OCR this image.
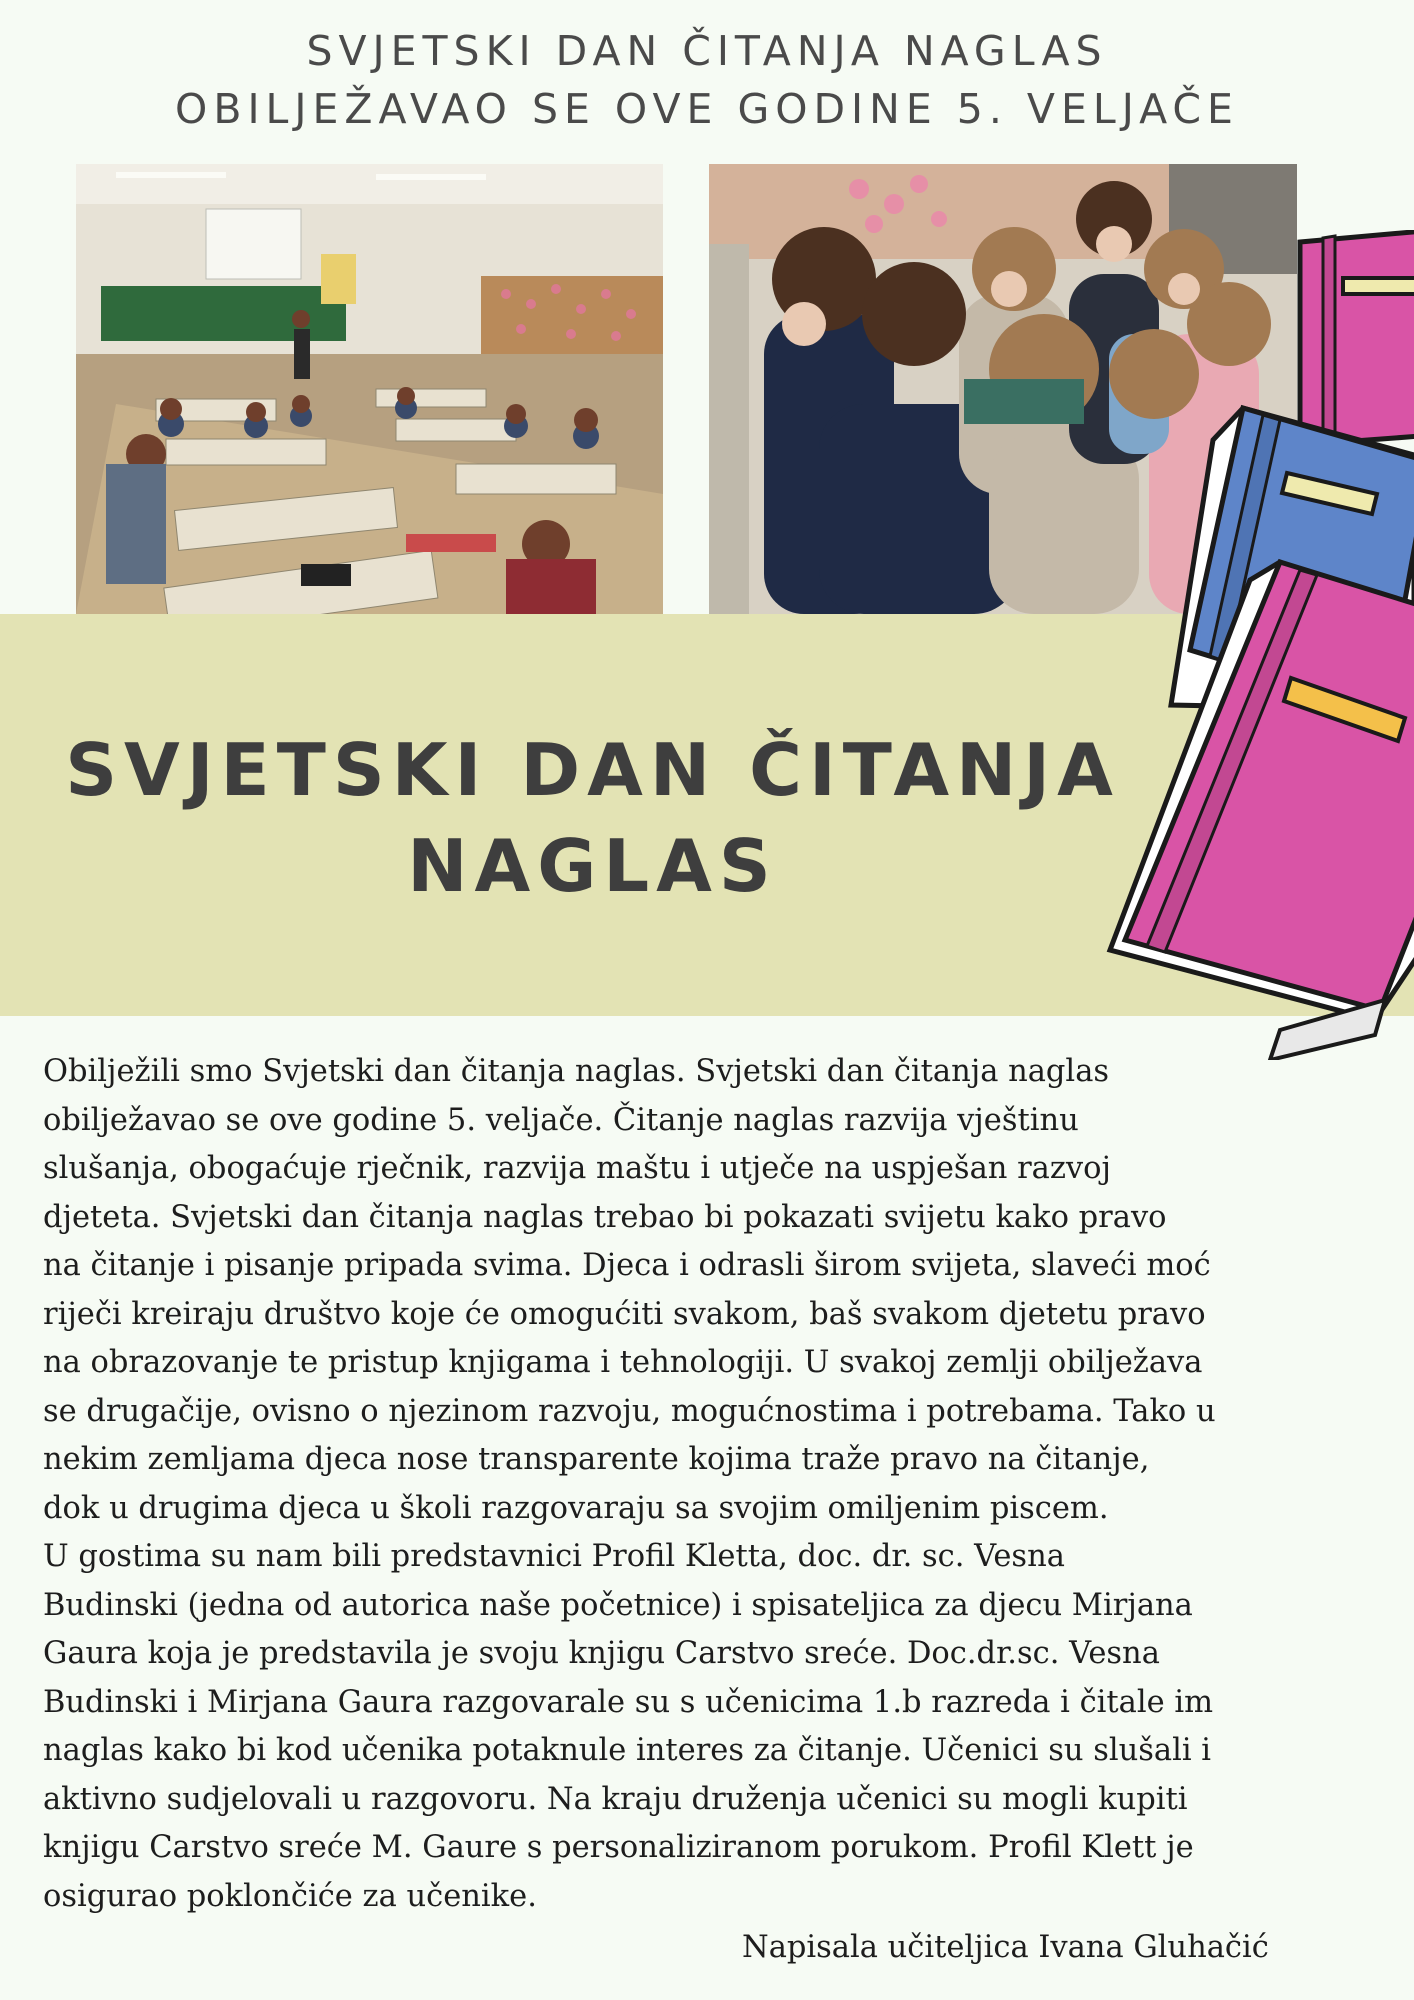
SVJETSKI DAN ČITANJA NAGLAS
OBILJEŽAVAO SE OVE GODINE 5. VELJAČE
SVJETSKI DAN ČITANJA
NAGLAS

Obilježili smo Svjetski dan čitanja naglas. Svjetski dan čitanja naglas

obilježavao se ove godine 5. veljače. Čitanje naglas razvija vještinu

slušanja, obogaćuje rječnik, razvija maštu i utječe na uspješan razvoj

djeteta. Svjetski dan čitanja naglas trebao bi pokazati svijetu kako pravo

na čitanje i pisanje pripada svima. Djeca i odrasli širom svijeta, slaveći moć

riječi kreiraju društvo koje će omogućiti svakom, baš svakom djetetu pravo

na obrazovanje te pristup knjigama i tehnologiji. U svakoj zemlji obilježava

se drugačije, ovisno o njezinom razvoju, mogućnostima i potrebama. Tako u

nekim zemljama djeca nose transparente kojima traže pravo na čitanje,

dok u drugima djeca u školi razgovaraju sa svojim omiljenim piscem.

U gostima su nam bili predstavnici Profil Kletta, doc. dr. sc. Vesna

Budinski (jedna od autorica naše početnice) i spisateljica za djecu Mirjana

Gaura koja je predstavila je svoju knjigu Carstvo sreće. Doc.dr.sc. Vesna

Budinski i Mirjana Gaura razgovarale su s učenicima 1.b razreda i čitale im

naglas kako bi kod učenika potaknule interes za čitanje. Učenici su slušali i

aktivno sudjelovali u razgovoru. Na kraju druženja učenici su mogli kupiti

knjigu Carstvo sreće M. Gaure s personaliziranom porukom. Profil Klett je

osigurao poklončiće za učenike.

Napisala učiteljica Ivana Gluhačić
